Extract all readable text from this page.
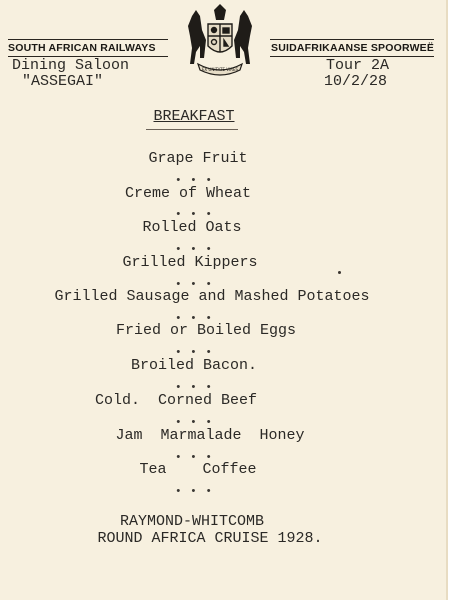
SOUTH AFRICAN RAILWAYS
Dining Saloon
"ASSEGAI"
EX UNITATE VIRES
SUIDAFRIKAANSE SPOORWEË
Tour 2A
10/2/28
BREAKFAST
Grape Fruit
• • •
Creme of Wheat
• • •
Rolled Oats
• • •
Grilled Kippers
• • •
Grilled Sausage and Mashed Potatoes
• • •
Fried or Boiled Eggs
• • •
Broiled Bacon.
• • •
Cold.  Corned Beef
• • •
Jam  Marmalade  Honey
• • •
Tea    Coffee
• • •
RAYMOND-WHITCOMB
ROUND AFRICA CRUISE 1928.
